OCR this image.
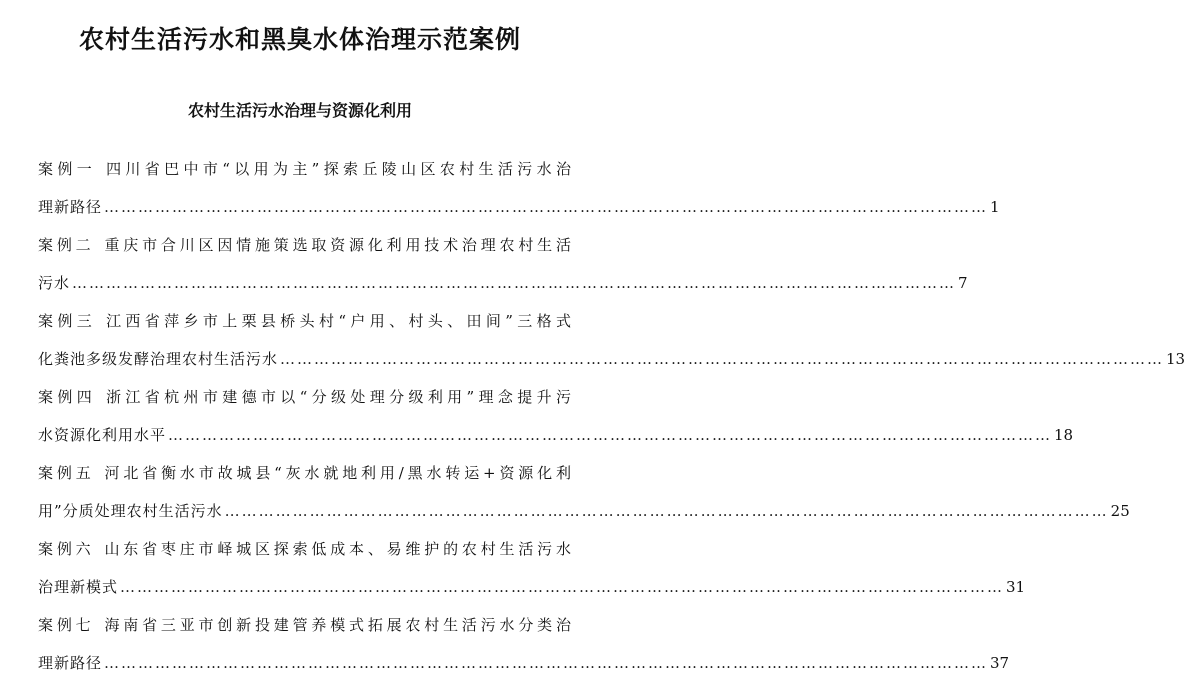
农村生活污水和黑臭水体治理示范案例
农村生活污水治理与资源化利用
案例一 四川省巴中市“以用为主”探索丘陵山区农村生活污水治
理新路径 ………………………………………………………………………………………………………………………………………… 1
案例二 重庆市合川区因情施策选取资源化利用技术治理农村生活
污水 ………………………………………………………………………………………………………………………………………… 7
案例三 江西省萍乡市上栗县桥头村“户用、村头、田间”三格式
化粪池多级发酵治理农村生活污水 ………………………………………………………………………………………………………………………………………… 13
案例四 浙江省杭州市建德市以“分级处理分级利用”理念提升污
水资源化利用水平 ………………………………………………………………………………………………………………………………………… 18
案例五 河北省衡水市故城县“灰水就地利用/黑水转运+资源化利
用”分质处理农村生活污水 ………………………………………………………………………………………………………………………………………… 25
案例六 山东省枣庄市峄城区探索低成本、易维护的农村生活污水
治理新模式 ………………………………………………………………………………………………………………………………………… 31
案例七 海南省三亚市创新投建管养模式拓展农村生活污水分类治
理新路径 ………………………………………………………………………………………………………………………………………… 37
